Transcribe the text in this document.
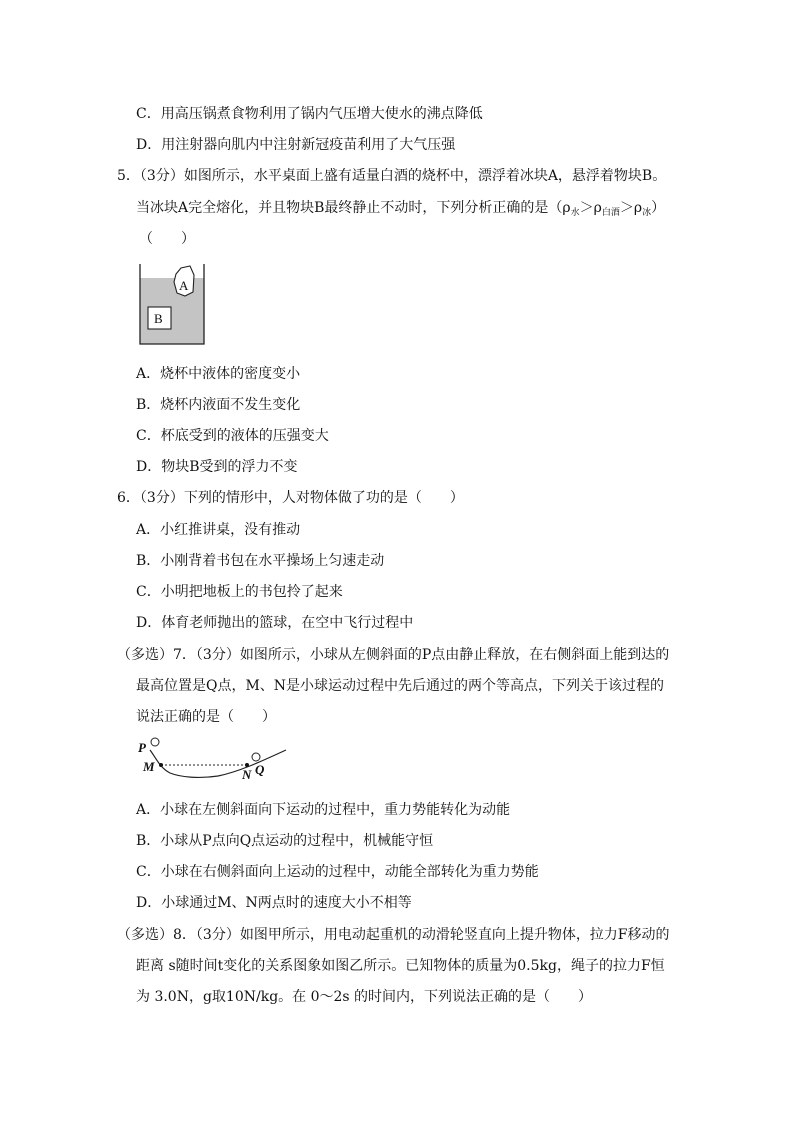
C．用高压锅煮食物利用了锅内气压增大使水的沸点降低
D．用注射器向肌内中注射新冠疫苗利用了大气压强
5．（3分）如图所示，水平桌面上盛有适量白酒的烧杯中，漂浮着冰块A，悬浮着物块B。
当冰块A完全熔化，并且物块B最终静止不动时，下列分析正确的是$(\rho_水>\rho_{白酒}>\rho_冰)$
（　　）
A
B
A．烧杯中液体的密度变小
B．烧杯内液面不发生变化
C．杯底受到的液体的压强变大
D．物块B受到的浮力不变
6．（3分）下列的情形中，人对物体做了功的是（　　）
A．小红推讲桌，没有推动
B．小刚背着书包在水平操场上匀速走动
C．小明把地板上的书包拎了起来
D．体育老师抛出的篮球，在空中飞行过程中
（多选）7．（3分）如图所示，小球从左侧斜面的P点由静止释放，在右侧斜面上能到达的
最高位置是Q点，M、N是小球运动过程中先后通过的两个等高点，下列关于该过程的
说法正确的是（　　）
P
M
N Q
A．小球在左侧斜面向下运动的过程中，重力势能转化为动能
B．小球从P点向Q点运动的过程中，机械能守恒
C．小球在右侧斜面向上运动的过程中，动能全部转化为重力势能
D．小球通过M、N两点时的速度大小不相等
（多选）8．（3分）如图甲所示，用电动起重机的动滑轮竖直向上提升物体，拉力F移动的
距离 s随时间t变化的关系图象如图乙所示。已知物体的质量为0.5kg，绳子的拉力F恒
为 3.0N，g取10N/kg。在 0～2s 的时间内，下列说法正确的是（　　）
